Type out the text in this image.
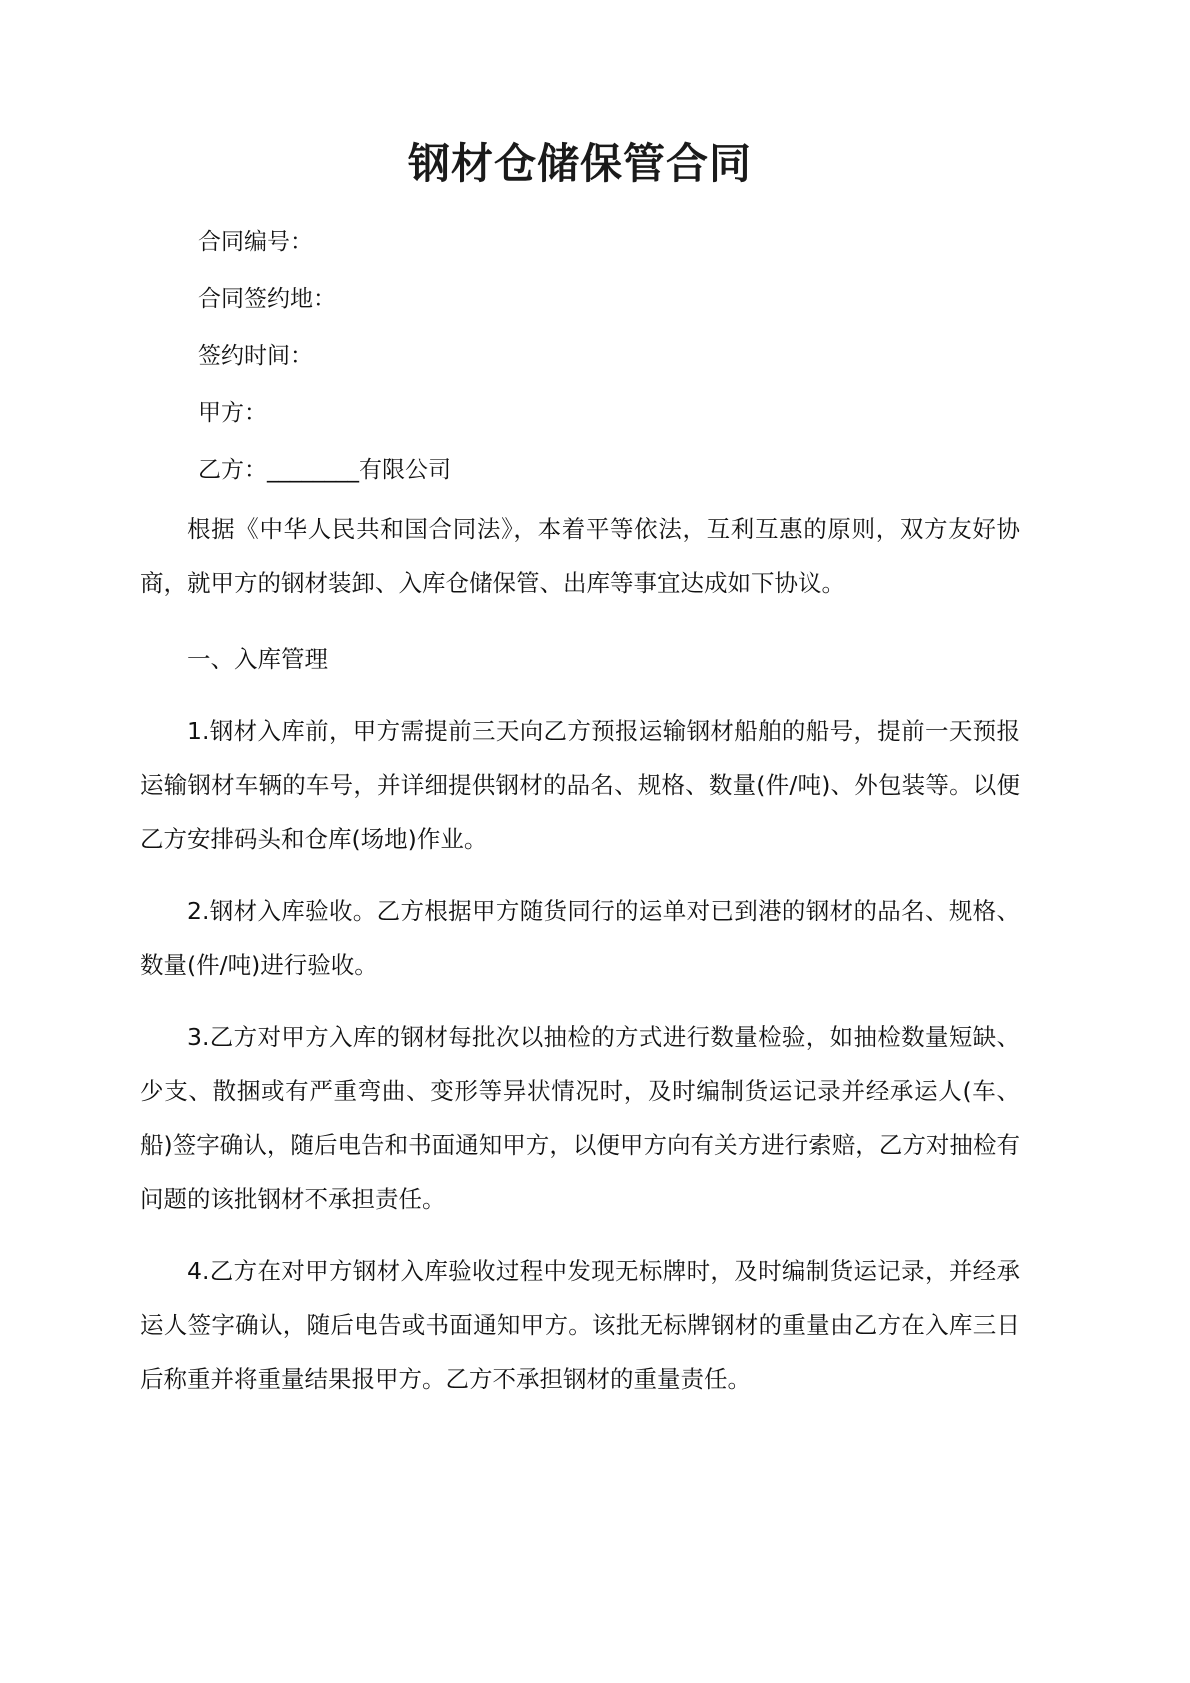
钢材仓储保管合同

合同编号：

合同签约地：

签约时间：

甲方：

乙方：________有限公司

根据《中华人民共和国合同法》，本着平等依法，互利互惠的原则，双方友好协商，就甲方的钢材装卸、入库仓储保管、出库等事宜达成如下协议。

一、入库管理

1.钢材入库前，甲方需提前三天向乙方预报运输钢材船舶的船号，提前一天预报运输钢材车辆的车号，并详细提供钢材的品名、规格、数量(件/吨)、外包装等。以便乙方安排码头和仓库(场地)作业。

2.钢材入库验收。乙方根据甲方随货同行的运单对已到港的钢材的品名、规格、数量(件/吨)进行验收。

3.乙方对甲方入库的钢材每批次以抽检的方式进行数量检验，如抽检数量短缺、少支、散捆或有严重弯曲、变形等异状情况时，及时编制货运记录并经承运人(车、船)签字确认，随后电告和书面通知甲方，以便甲方向有关方进行索赔，乙方对抽检有问题的该批钢材不承担责任。

4.乙方在对甲方钢材入库验收过程中发现无标牌时，及时编制货运记录，并经承运人签字确认，随后电告或书面通知甲方。该批无标牌钢材的重量由乙方在入库三日后称重并将重量结果报甲方。乙方不承担钢材的重量责任。
